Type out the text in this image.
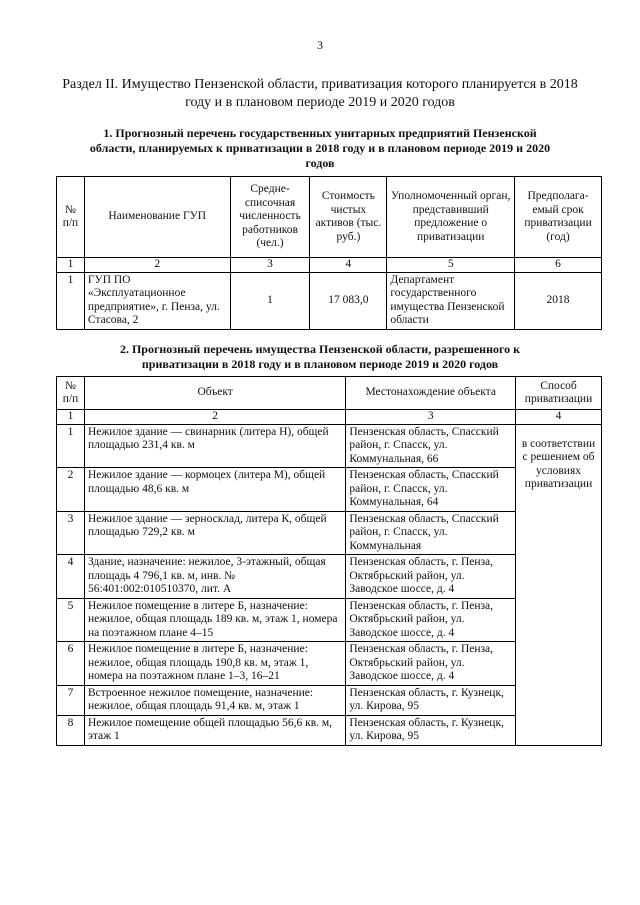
3
Раздел II. Имущество Пензенской области, приватизация которого планируется в 2018 году и в плановом периоде 2019 и 2020 годов
1. Прогнозный перечень государственных унитарных предприятий Пензенской области, планируемых к приватизации в 2018 году и в плановом периоде 2019 и 2020 годов
№ п/п	Наименование ГУП	Средне-списочная численность работников (чел.)	Стоимость чистых активов (тыс. руб.)	Уполномоченный орган, представивший предложение о приватизации	Предполага-емый срок приватизации (год)
1	2	3	4	5	6
1	ГУП ПО «Эксплуатационное предприятие», г. Пенза, ул. Стасова, 2	1	17 083,0	Департамент государственного имущества Пензенской области	2018
2. Прогнозный перечень имущества Пензенской области, разрешенного к приватизации в 2018 году и в плановом периоде 2019 и 2020 годов
№ п/п	Объект	Местонахождение объекта	Способ приватизации
1	2	3	4
1	Нежилое здание — свинарник (литера Н), общей площадью 231,4 кв. м	Пензенская область, Спасский район, г. Спасск, ул. Коммунальная, 66	в соответствии с решением об условиях приватизации

2	Нежилое здание — кормоцех (литера М), общей площадью 48,6 кв. м	Пензенская область, Спасский район, г. Спасск, ул. Коммунальная, 64	
3	Нежилое здание — зерносклад, литера К, общей площадью 729,2 кв. м	Пензенская область, Спасский район, г. Спасск, ул. Коммунальная	
4	Здание, назначение: нежилое, 3-этажный, общая площадь 4 796,1 кв. м, инв. № 56:401:002:010510370, лит. А	Пензенская область, г. Пенза, Октябрьский район, ул. Заводское шоссе, д. 4	
5	Нежилое помещение в литере Б, назначение: нежилое, общая площадь 189 кв. м, этаж 1, номера на поэтажном плане 4–15	Пензенская область, г. Пенза, Октябрьский район, ул. Заводское шоссе, д. 4	
6	Нежилое помещение в литере Б, назначение: нежилое, общая площадь 190,8 кв. м, этаж 1, номера на поэтажном плане 1–3, 16–21	Пензенская область, г. Пенза, Октябрьский район, ул. Заводское шоссе, д. 4	
7	Встроенное нежилое помещение, назначение: нежилое, общая площадь 91,4 кв. м, этаж 1	Пензенская область, г. Кузнецк, ул. Кирова, 95	
8	Нежилое помещение общей площадью 56,6 кв. м, этаж 1	Пензенская область, г. Кузнецк, ул. Кирова, 95	
